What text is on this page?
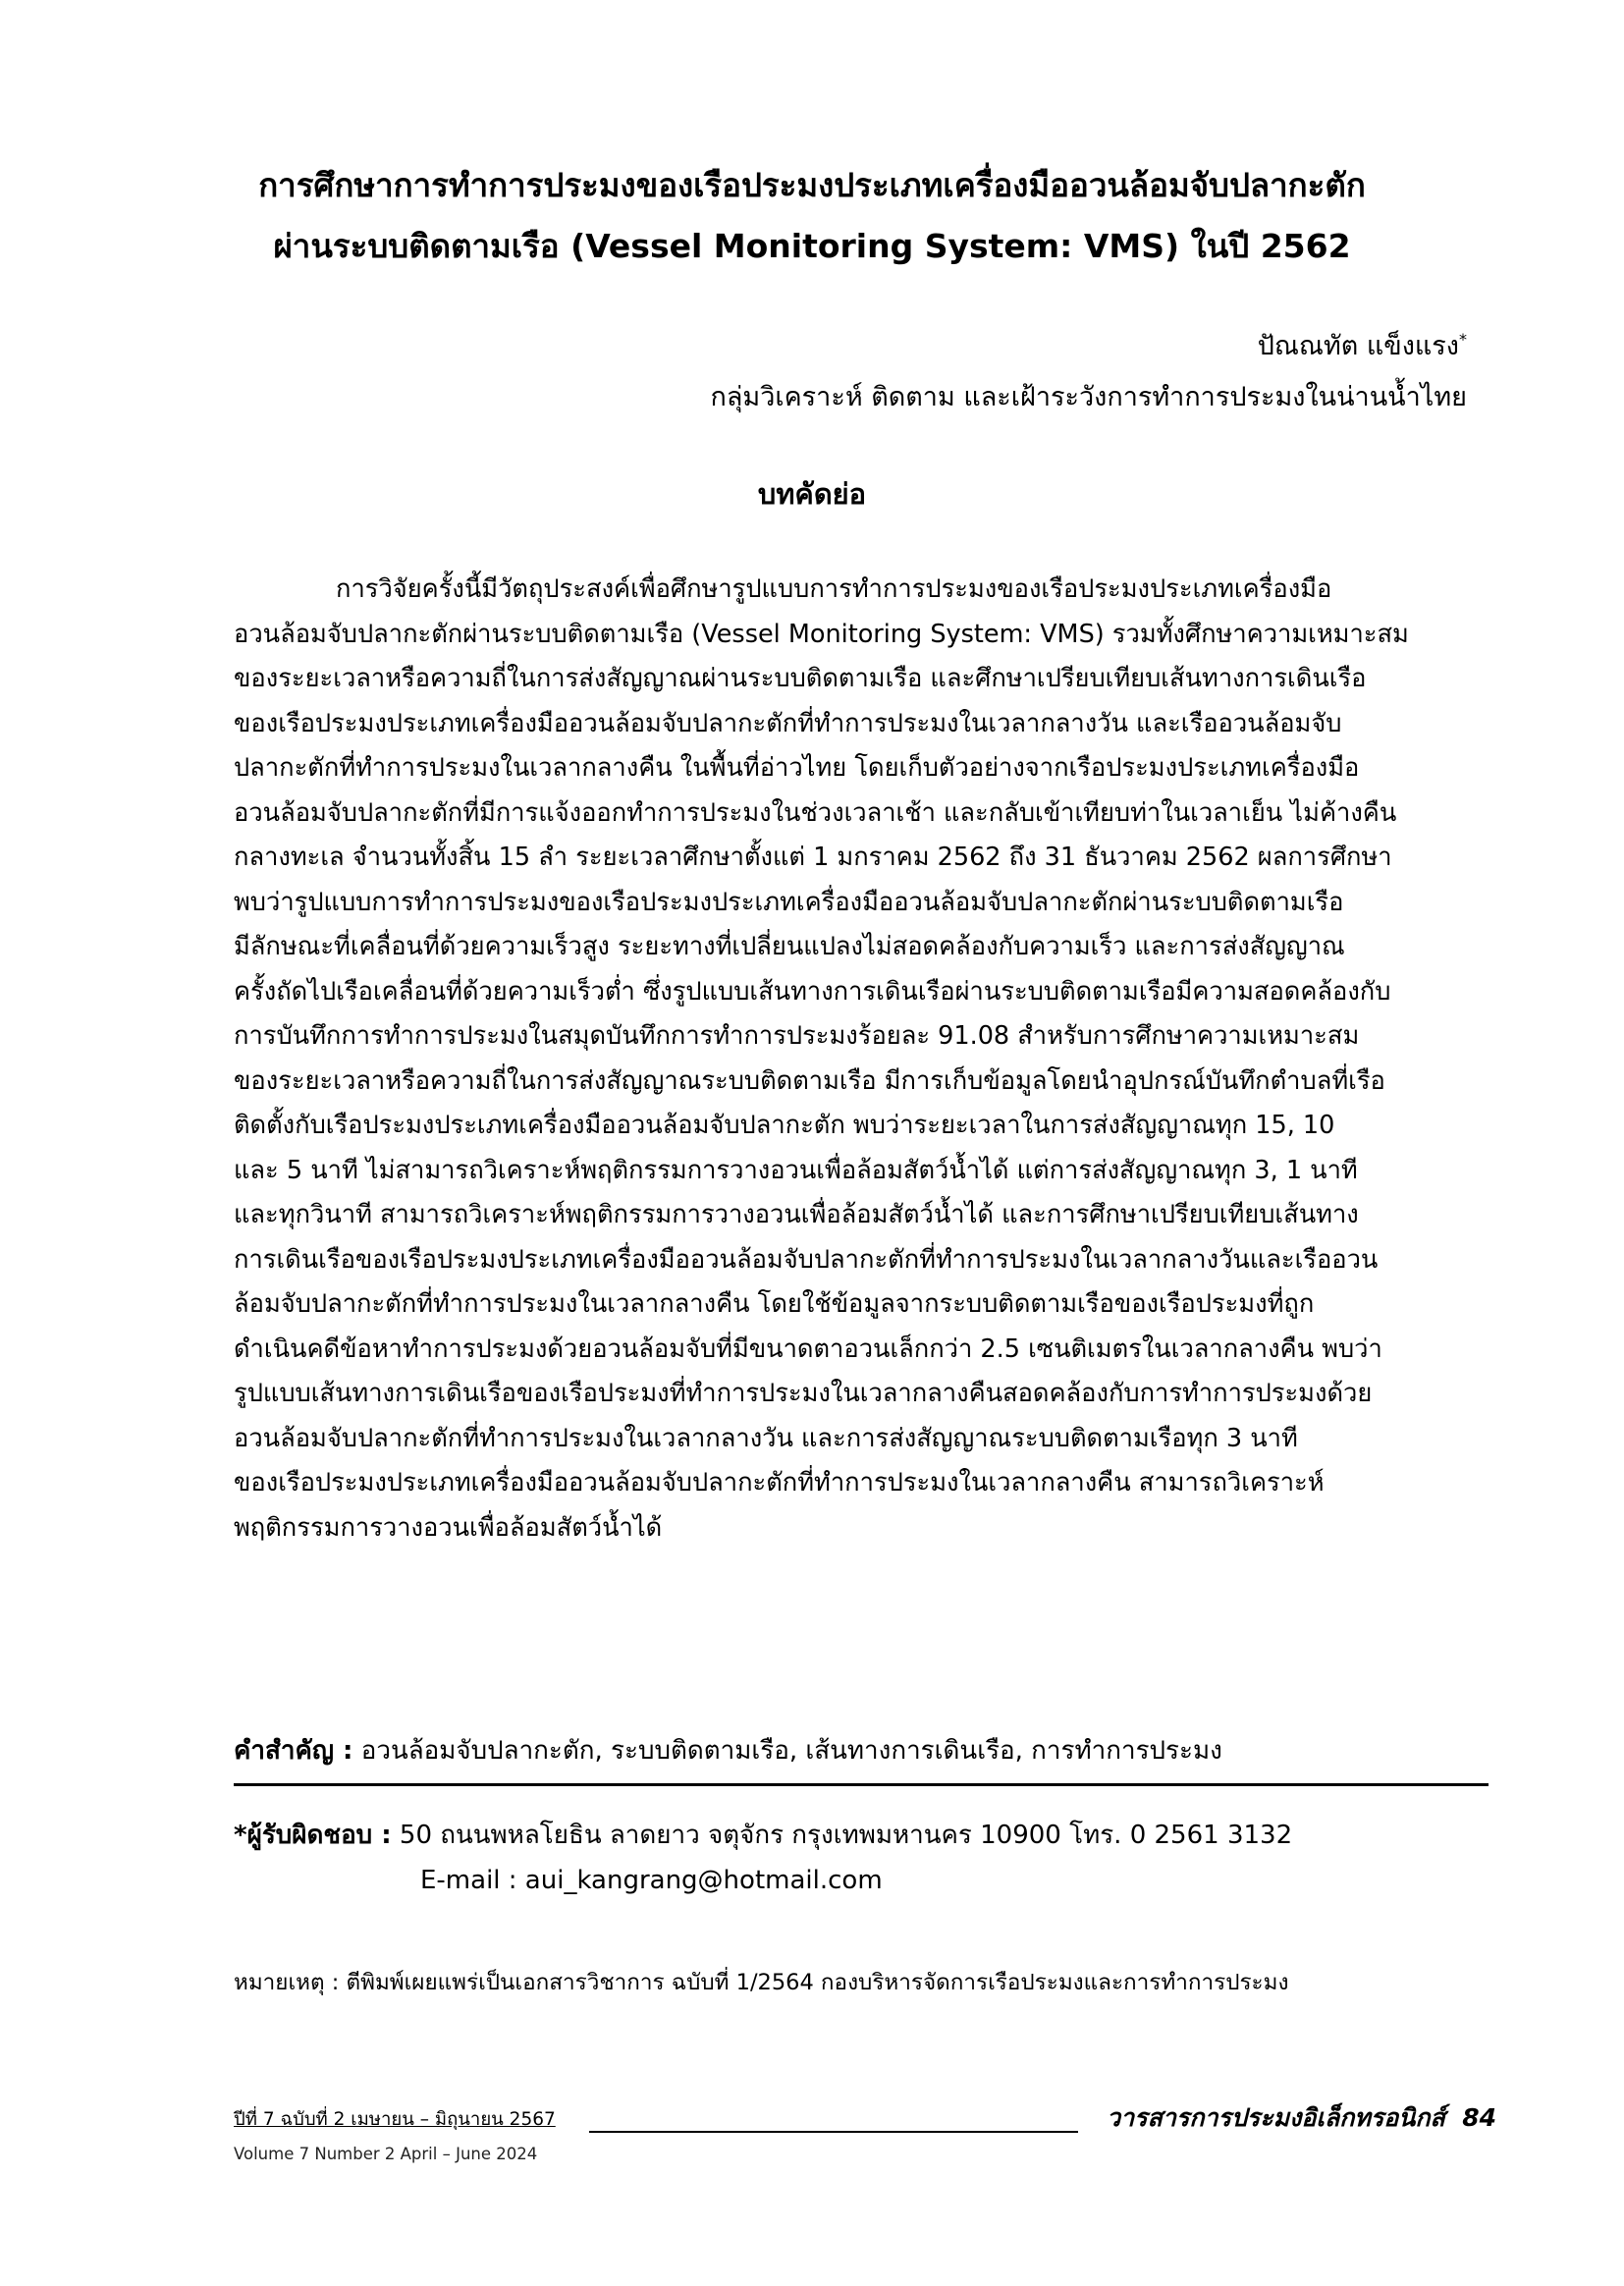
การศึกษาการทำการประมงของเรือประมงประเภทเครื่องมืออวนล้อมจับปลากะตัก
ผ่านระบบติดตามเรือ (Vessel Monitoring System: VMS) ในปี 2562
ปัณณทัต แข็งแรง*
กลุ่มวิเคราะห์ ติดตาม และเฝ้าระวังการทำการประมงในน่านน้ำไทย
บทคัดย่อ
การวิจัยครั้งนี้มีวัตถุประสงค์เพื่อศึกษารูปแบบการทำการประมงของเรือประมงประเภทเครื่องมือ
อวนล้อมจับปลากะตักผ่านระบบติดตามเรือ (Vessel Monitoring System: VMS) รวมทั้งศึกษาความเหมาะสม
ของระยะเวลาหรือความถี่ในการส่งสัญญาณผ่านระบบติดตามเรือ และศึกษาเปรียบเทียบเส้นทางการเดินเรือ
ของเรือประมงประเภทเครื่องมืออวนล้อมจับปลากะตักที่ทำการประมงในเวลากลางวัน และเรืออวนล้อมจับ
ปลากะตักที่ทำการประมงในเวลากลางคืน ในพื้นที่อ่าวไทย โดยเก็บตัวอย่างจากเรือประมงประเภทเครื่องมือ
อวนล้อมจับปลากะตักที่มีการแจ้งออกทำการประมงในช่วงเวลาเช้า และกลับเข้าเทียบท่าในเวลาเย็น ไม่ค้างคืน
กลางทะเล จำนวนทั้งสิ้น 15 ลำ ระยะเวลาศึกษาตั้งแต่ 1 มกราคม 2562 ถึง 31 ธันวาคม 2562 ผลการศึกษา
พบว่ารูปแบบการทำการประมงของเรือประมงประเภทเครื่องมืออวนล้อมจับปลากะตักผ่านระบบติดตามเรือ
มีลักษณะที่เคลื่อนที่ด้วยความเร็วสูง ระยะทางที่เปลี่ยนแปลงไม่สอดคล้องกับความเร็ว และการส่งสัญญาณ
ครั้งถัดไปเรือเคลื่อนที่ด้วยความเร็วต่ำ ซึ่งรูปแบบเส้นทางการเดินเรือผ่านระบบติดตามเรือมีความสอดคล้องกับ
การบันทึกการทำการประมงในสมุดบันทึกการทำการประมงร้อยละ 91.08 สำหรับการศึกษาความเหมาะสม
ของระยะเวลาหรือความถี่ในการส่งสัญญาณระบบติดตามเรือ มีการเก็บข้อมูลโดยนำอุปกรณ์บันทึกตำบลที่เรือ
ติดตั้งกับเรือประมงประเภทเครื่องมืออวนล้อมจับปลากะตัก พบว่าระยะเวลาในการส่งสัญญาณทุก 15, 10
และ 5 นาที ไม่สามารถวิเคราะห์พฤติกรรมการวางอวนเพื่อล้อมสัตว์น้ำได้ แต่การส่งสัญญาณทุก 3, 1 นาที
และทุกวินาที สามารถวิเคราะห์พฤติกรรมการวางอวนเพื่อล้อมสัตว์น้ำได้ และการศึกษาเปรียบเทียบเส้นทาง
การเดินเรือของเรือประมงประเภทเครื่องมืออวนล้อมจับปลากะตักที่ทำการประมงในเวลากลางวันและเรืออวน
ล้อมจับปลากะตักที่ทำการประมงในเวลากลางคืน โดยใช้ข้อมูลจากระบบติดตามเรือของเรือประมงที่ถูก
ดำเนินคดีข้อหาทำการประมงด้วยอวนล้อมจับที่มีขนาดตาอวนเล็กกว่า 2.5 เซนติเมตรในเวลากลางคืน พบว่า
รูปแบบเส้นทางการเดินเรือของเรือประมงที่ทำการประมงในเวลากลางคืนสอดคล้องกับการทำการประมงด้วย
อวนล้อมจับปลากะตักที่ทำการประมงในเวลากลางวัน และการส่งสัญญาณระบบติดตามเรือทุก 3 นาที
ของเรือประมงประเภทเครื่องมืออวนล้อมจับปลากะตักที่ทำการประมงในเวลากลางคืน สามารถวิเคราะห์
พฤติกรรมการวางอวนเพื่อล้อมสัตว์น้ำได้
คำสำคัญ : อวนล้อมจับปลากะตัก, ระบบติดตามเรือ, เส้นทางการเดินเรือ, การทำการประมง
*ผู้รับผิดชอบ : 50 ถนนพหลโยธิน ลาดยาว จตุจักร กรุงเทพมหานคร 10900 โทร. 0 2561 3132
E-mail : aui_kangrang@hotmail.com
หมายเหตุ : ตีพิมพ์เผยแพร่เป็นเอกสารวิชาการ ฉบับที่ 1/2564 กองบริหารจัดการเรือประมงและการทำการประมง
ปีที่ 7 ฉบับที่ 2 เมษายน – มิถุนายน 2567	วารสารการประมงอิเล็กทรอนิกส์ 84
Volume 7 Number 2 April – June 2024
